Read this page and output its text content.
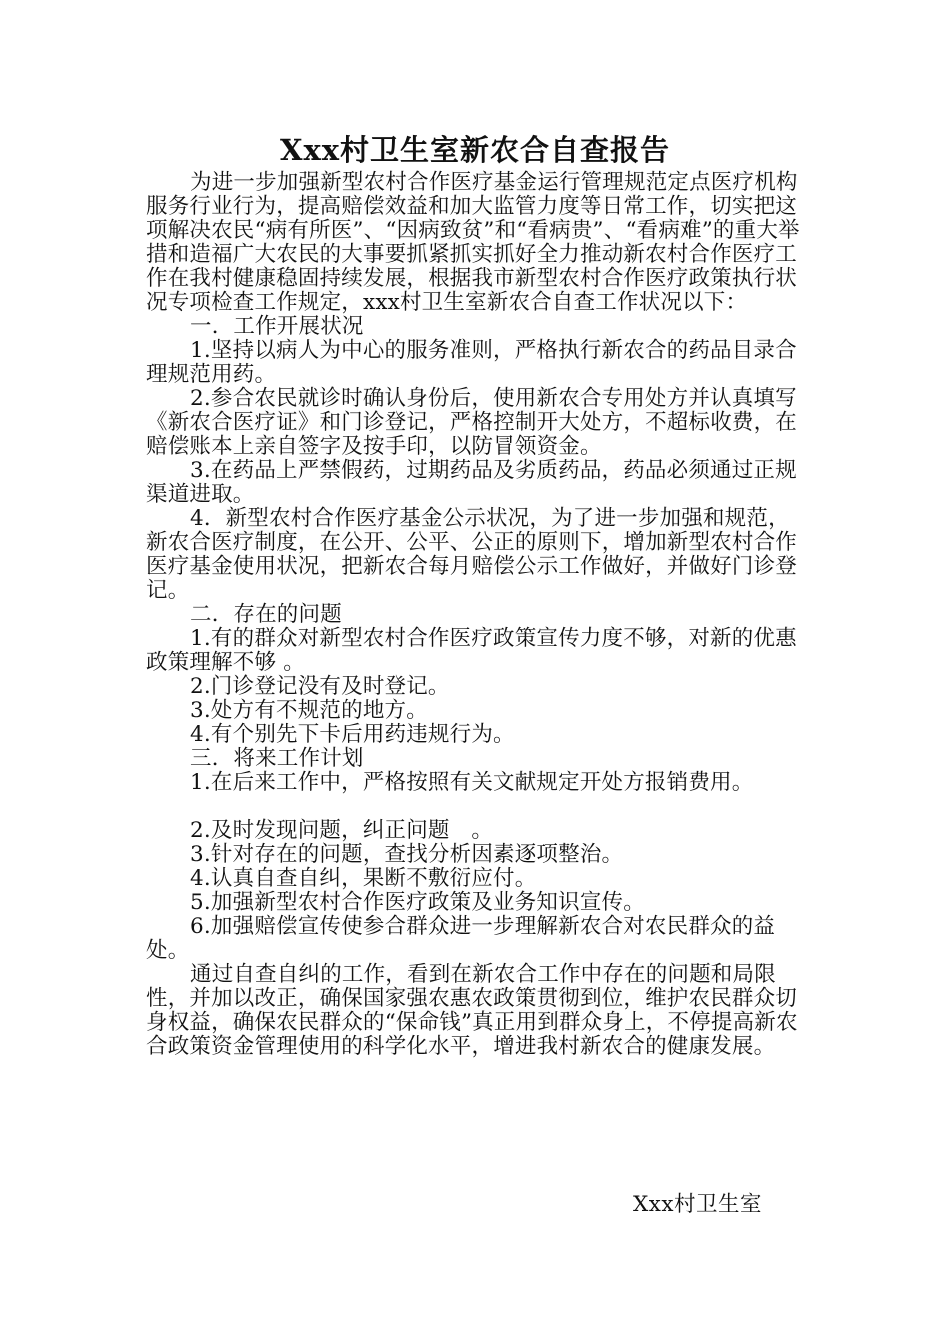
Xxx村卫生室新农合自查报告

为进一步加强新型农村合作医疗基金运行管理规范定点医疗机构服务行业行为，提高赔偿效益和加大监管力度等日常工作，切实把这项解决农民“病有所医”、“因病致贫”和“看病贵”、“看病难”的重大举措和造福广大农民的大事要抓紧抓实抓好全力推动新农村合作医疗工作在我村健康稳固持续发展，根据我市新型农村合作医疗政策执行状况专项检查工作规定，xxx村卫生室新农合自查工作状况以下：

一．工作开展状况

1.坚持以病人为中心的服务准则，严格执行新农合的药品目录合理规范用药。

2.参合农民就诊时确认身份后，使用新农合专用处方并认真填写《新农合医疗证》和门诊登记，严格控制开大处方，不超标收费，在赔偿账本上亲自签字及按手印，以防冒领资金。

3.在药品上严禁假药，过期药品及劣质药品，药品必须通过正规渠道进取。

4．新型农村合作医疗基金公示状况，为了进一步加强和规范，新农合医疗制度，在公开、公平、公正的原则下，增加新型农村合作医疗基金使用状况，把新农合每月赔偿公示工作做好，并做好门诊登记。

二．存在的问题

1.有的群众对新型农村合作医疗政策宣传力度不够，对新的优惠政策理解不够 。

2.门诊登记没有及时登记。

3.处方有不规范的地方。

4.有个别先下卡后用药违规行为。

三．将来工作计划

1.在后来工作中，严格按照有关文献规定开处方报销费用。

2.及时发现问题，纠正问题　。

3.针对存在的问题，查找分析因素逐项整治。

4.认真自查自纠，果断不敷衍应付。

5.加强新型农村合作医疗政策及业务知识宣传。

6.加强赔偿宣传使参合群众进一步理解新农合对农民群众的益处。

通过自查自纠的工作，看到在新农合工作中存在的问题和局限性，并加以改正，确保国家强农惠农政策贯彻到位，维护农民群众切身权益，确保农民群众的“保命钱”真正用到群众身上，不停提高新农合政策资金管理使用的科学化水平，增进我村新农合的健康发展。

Xxx村卫生室
